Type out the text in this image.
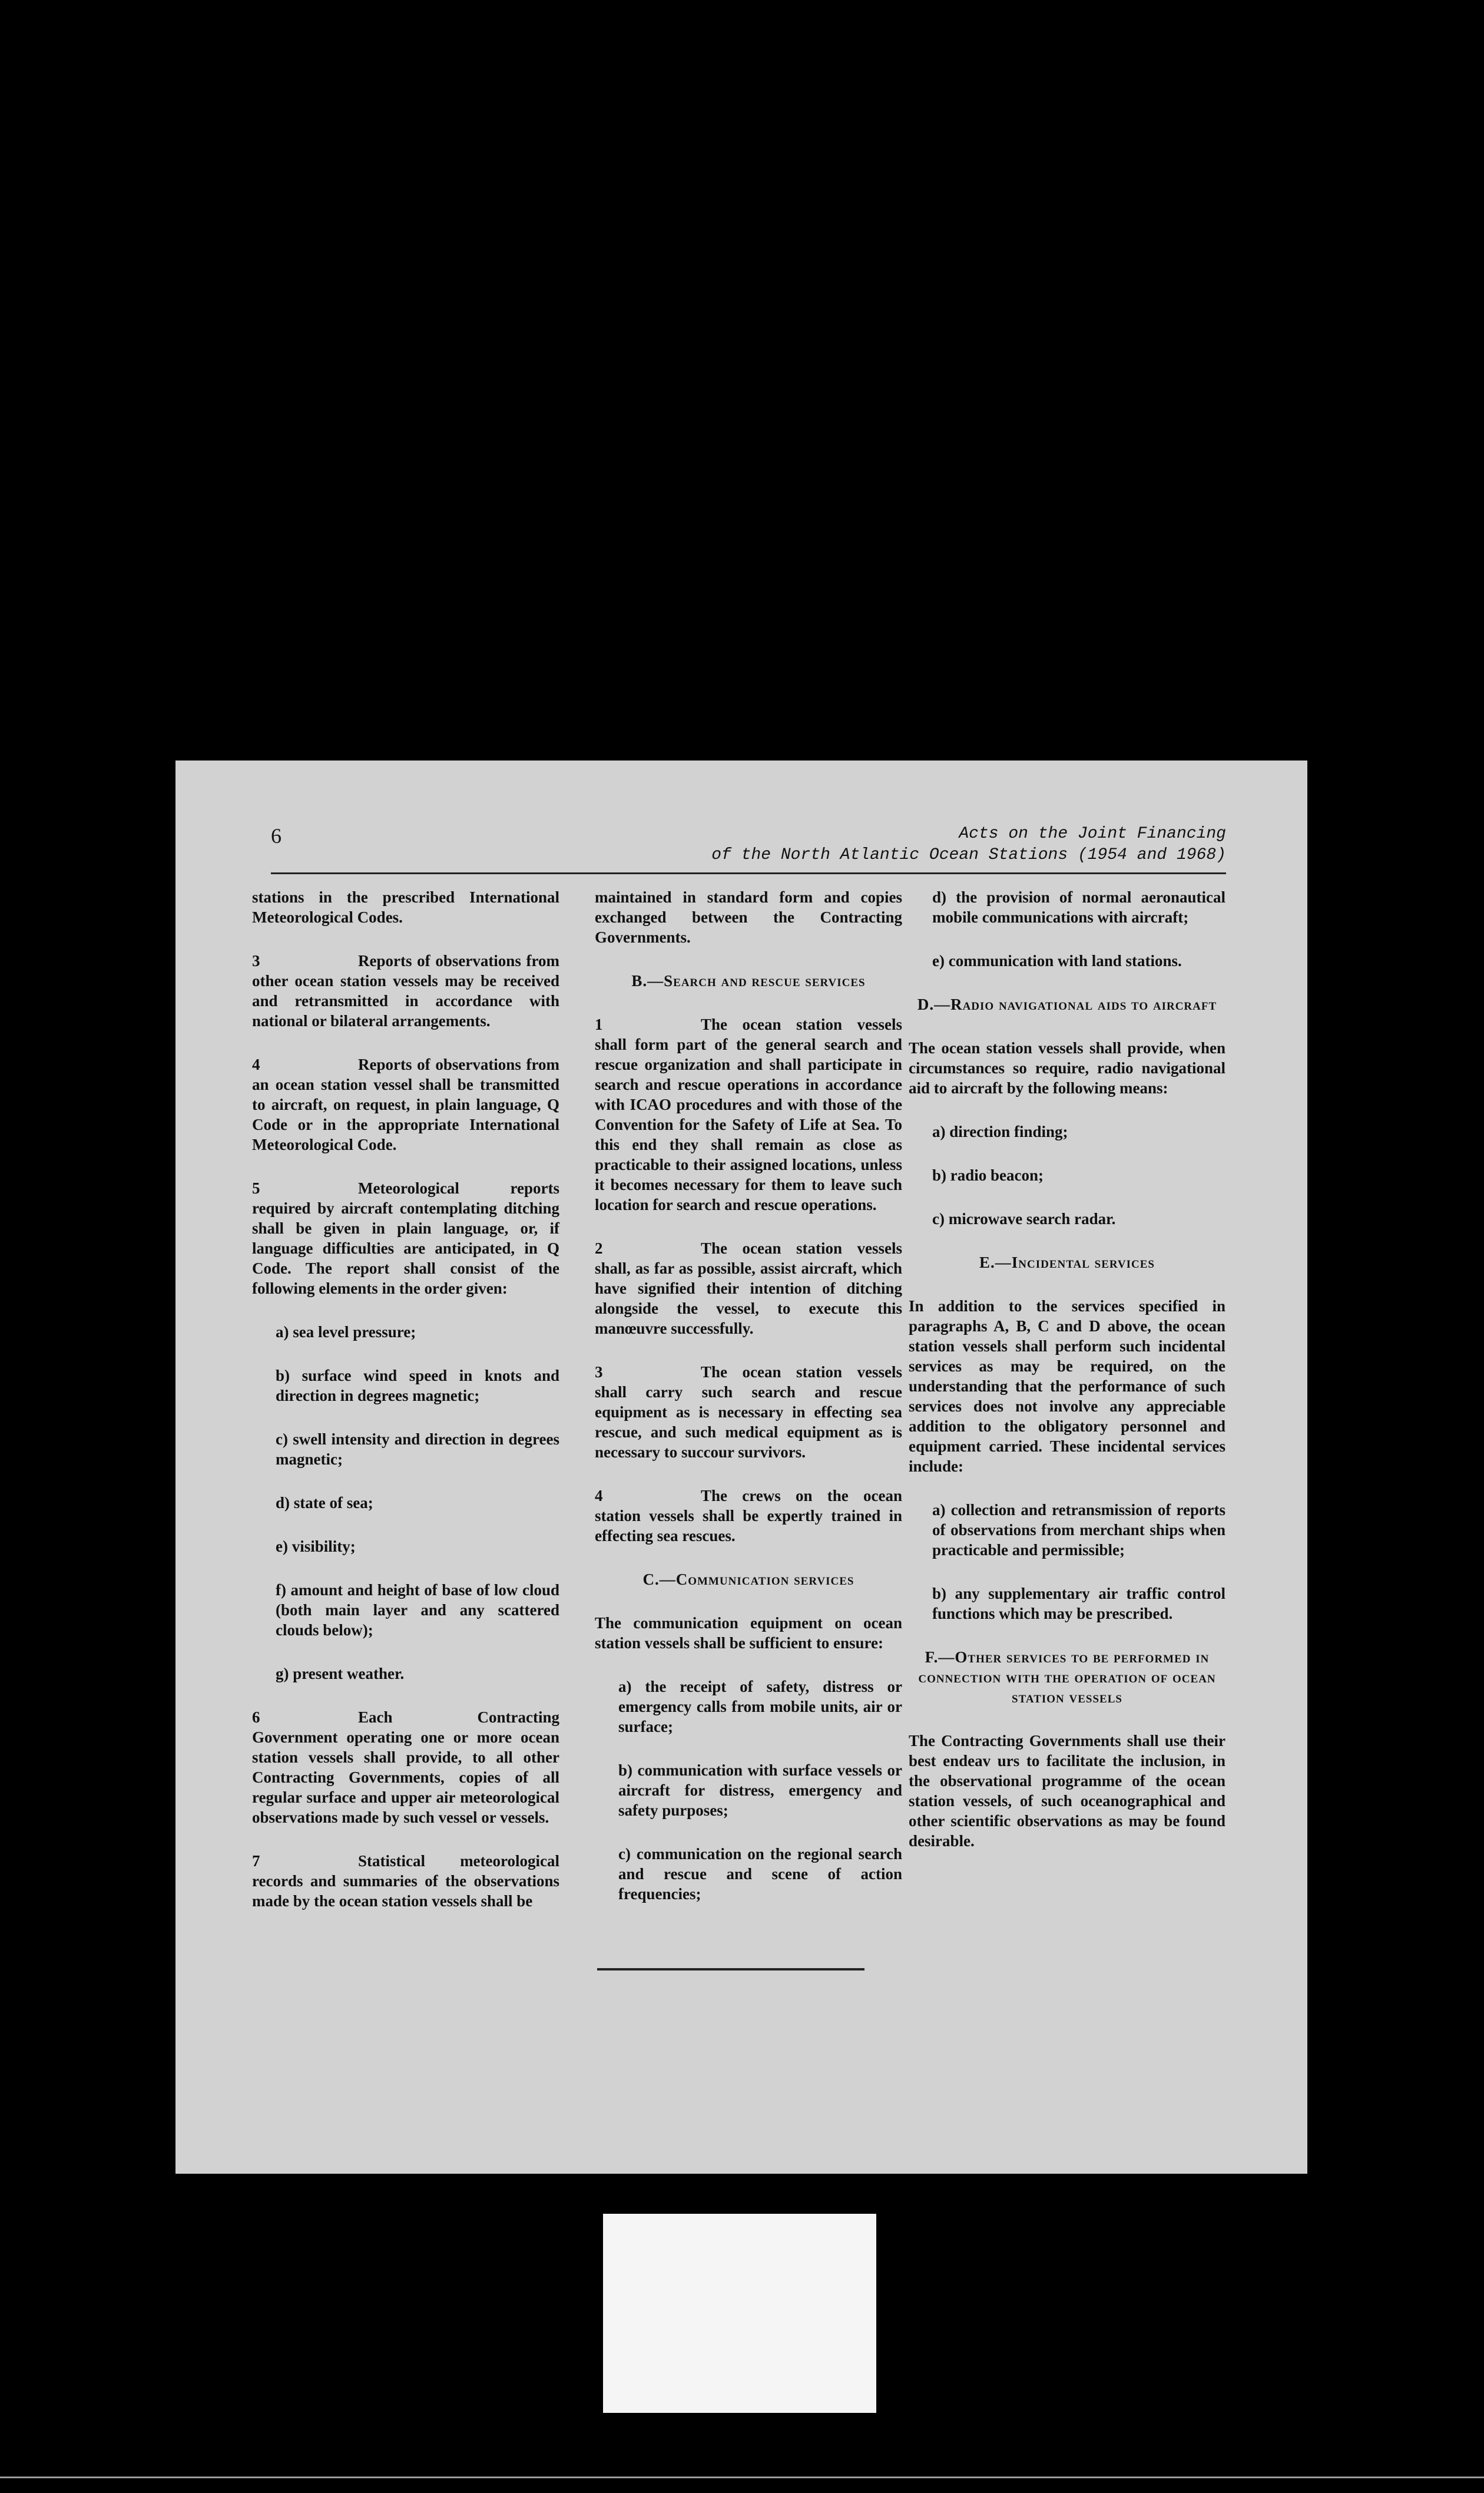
6	Acts on the Joint Financing
of the North Atlantic Ocean Stations (1954 and 1968)

stations in the prescribed International Meteorological Codes.

3	Reports of observations from other ocean station vessels may be received and retransmitted in accordance with national or bilateral arrangements.

4	Reports of observations from an ocean station vessel shall be transmitted to aircraft, on request, in plain language, Q Code or in the appropriate International Meteorological Code.

5	Meteorological reports required by aircraft contemplating ditching shall be given in plain language, or, if language difficulties are anticipated, in Q Code. The report shall consist of the following elements in the order given:

a) sea level pressure;

b) surface wind speed in knots and direction in degrees magnetic;

c) swell intensity and direction in degrees magnetic;

d) state of sea;

e) visibility;

f) amount and height of base of low cloud (both main layer and any scattered clouds below);

g) present weather.

6	Each Contracting Government operating one or more ocean station vessels shall provide, to all other Contracting Governments, copies of all regular surface and upper air meteorological observations made by such vessel or vessels.

7	Statistical meteorological records and summaries of the observations made by the ocean station vessels shall be

maintained in standard form and copies exchanged between the Contracting Governments.

B.—Search and rescue services

1	The ocean station vessels shall form part of the general search and rescue organization and shall participate in search and rescue operations in accordance with ICAO procedures and with those of the Convention for the Safety of Life at Sea. To this end they shall remain as close as practicable to their assigned locations, unless it becomes necessary for them to leave such location for search and rescue operations.

2	The ocean station vessels shall, as far as possible, assist aircraft, which have signified their intention of ditching alongside the vessel, to execute this manœuvre successfully.

3	The ocean station vessels shall carry such search and rescue equipment as is necessary in effecting sea rescue, and such medical equipment as is necessary to succour survivors.

4	The crews on the ocean station vessels shall be expertly trained in effecting sea rescues.

C.—Communication services

The communication equipment on ocean station vessels shall be sufficient to ensure:

a) the receipt of safety, distress or emergency calls from mobile units, air or surface;

b) communication with surface vessels or aircraft for distress, emergency and safety purposes;

c) communication on the regional search and rescue and scene of action frequencies;

d) the provision of normal aeronautical mobile communications with aircraft;

e) communication with land stations.

D.—Radio navigational aids to aircraft

The ocean station vessels shall provide, when circumstances so require, radio navigational aid to aircraft by the following means:

a) direction finding;

b) radio beacon;

c) microwave search radar.

E.—Incidental services

In addition to the services specified in paragraphs A, B, C and D above, the ocean station vessels shall perform such incidental services as may be required, on the understanding that the performance of such services does not involve any appreciable addition to the obligatory personnel and equipment carried. These incidental services include:

a) collection and retransmission of reports of observations from merchant ships when practicable and permissible;

b) any supplementary air traffic control functions which may be prescribed.

F.—Other services to be performed in connection with the operation of ocean station vessels

The Contracting Governments shall use their best endeav urs to facilitate the inclusion, in the observational programme of the ocean station vessels, of such oceanographical and other scientific observations as may be found desirable.
